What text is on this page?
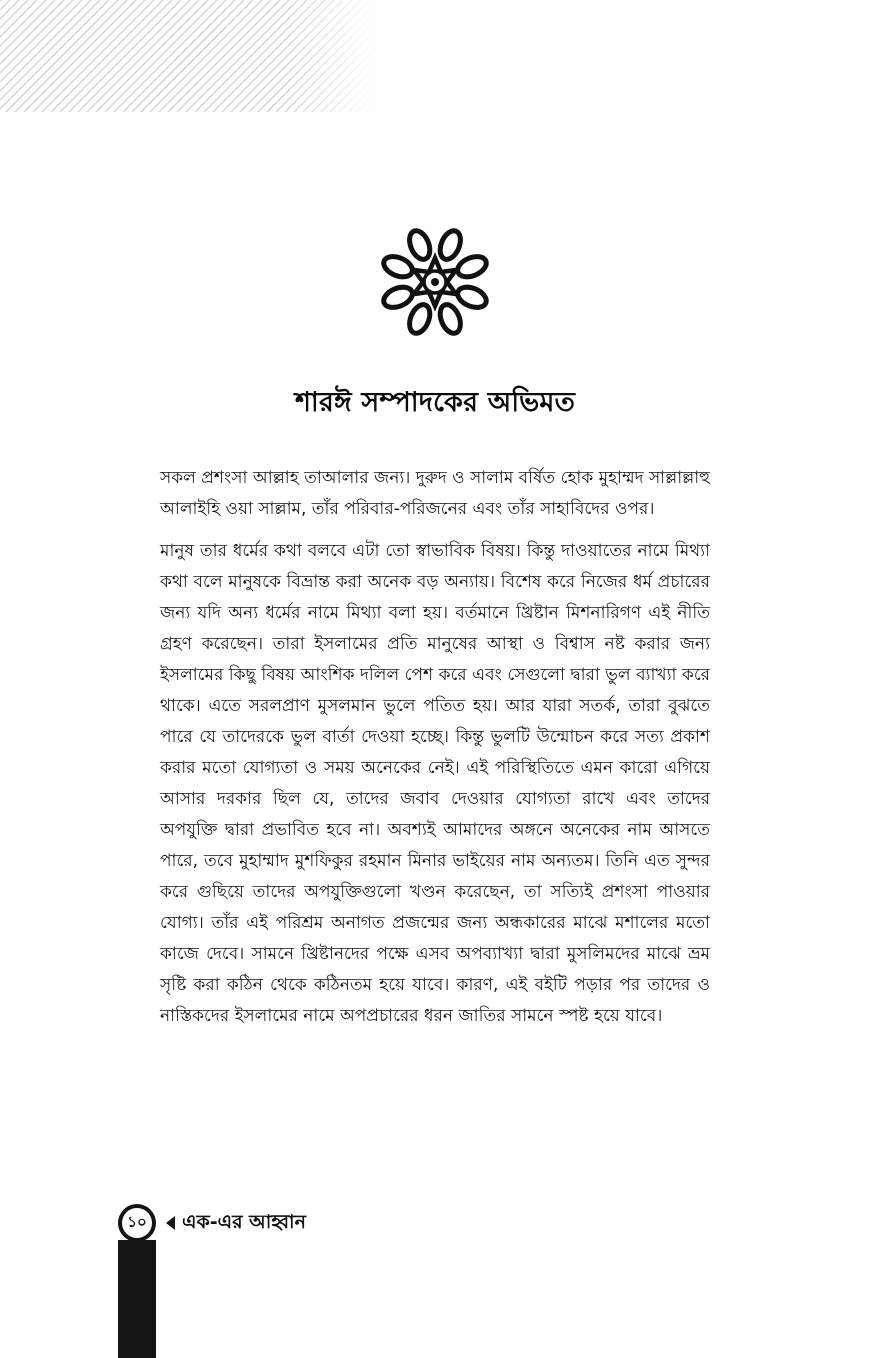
শারঈ সম্পাদকের অভিমত

সকল প্রশংসা আল্লাহ তাআলার জন্য। দুরুদ ও সালাম বর্ষিত হোক মুহাম্মদ সাল্লাল্লাহু আলাইহি ওয়া সাল্লাম, তাঁর পরিবার-পরিজনের এবং তাঁর সাহাবিদের ওপর।

মানুষ তার ধর্মের কথা বলবে এটা তো স্বাভাবিক বিষয়। কিন্তু দাওয়াতের নামে মিথ্যা কথা বলে মানুষকে বিভ্রান্ত করা অনেক বড় অন্যায়। বিশেষ করে নিজের ধর্ম প্রচারের জন্য যদি অন্য ধর্মের নামে মিথ্যা বলা হয়। বর্তমানে খ্রিষ্টান মিশনারিগণ এই নীতি গ্রহণ করেছেন। তারা ইসলামের প্রতি মানুষের আস্থা ও বিশ্বাস নষ্ট করার জন্য ইসলামের কিছু বিষয় আংশিক দলিল পেশ করে এবং সেগুলো দ্বারা ভুল ব্যাখ্যা করে থাকে। এতে সরলপ্রাণ মুসলমান ভুলে পতিত হয়। আর যারা সতর্ক, তারা বুঝতে পারে যে তাদেরকে ভুল বার্তা দেওয়া হচ্ছে। কিন্তু ভুলটি উন্মোচন করে সত্য প্রকাশ করার মতো যোগ্যতা ও সময় অনেকের নেই। এই পরিস্থিতিতে এমন কারো এগিয়ে আসার দরকার ছিল যে, তাদের জবাব দেওয়ার যোগ্যতা রাখে এবং তাদের অপযুক্তি দ্বারা প্রভাবিত হবে না। অবশ্যই আমাদের অঙ্গনে অনেকের নাম আসতে পারে, তবে মুহাম্মাদ মুশফিকুর রহমান মিনার ভাইয়ের নাম অন্যতম। তিনি এত সুন্দর করে গুছিয়ে তাদের অপযুক্তিগুলো খণ্ডন করেছেন, তা সত্যিই প্রশংসা পাওয়ার যোগ্য। তাঁর এই পরিশ্রম অনাগত প্রজন্মের জন্য অন্ধকারের মাঝে মশালের মতো কাজে দেবে। সামনে খ্রিষ্টানদের পক্ষে এসব অপব্যাখ্যা দ্বারা মুসলিমদের মাঝে ভ্রম সৃষ্টি করা কঠিন থেকে কঠিনতম হয়ে যাবে। কারণ, এই বইটি পড়ার পর তাদের ও নাস্তিকদের ইসলামের নামে অপপ্রচারের ধরন জাতির সামনে স্পষ্ট হয়ে যাবে।

১০ এক-এর আহ্বান
